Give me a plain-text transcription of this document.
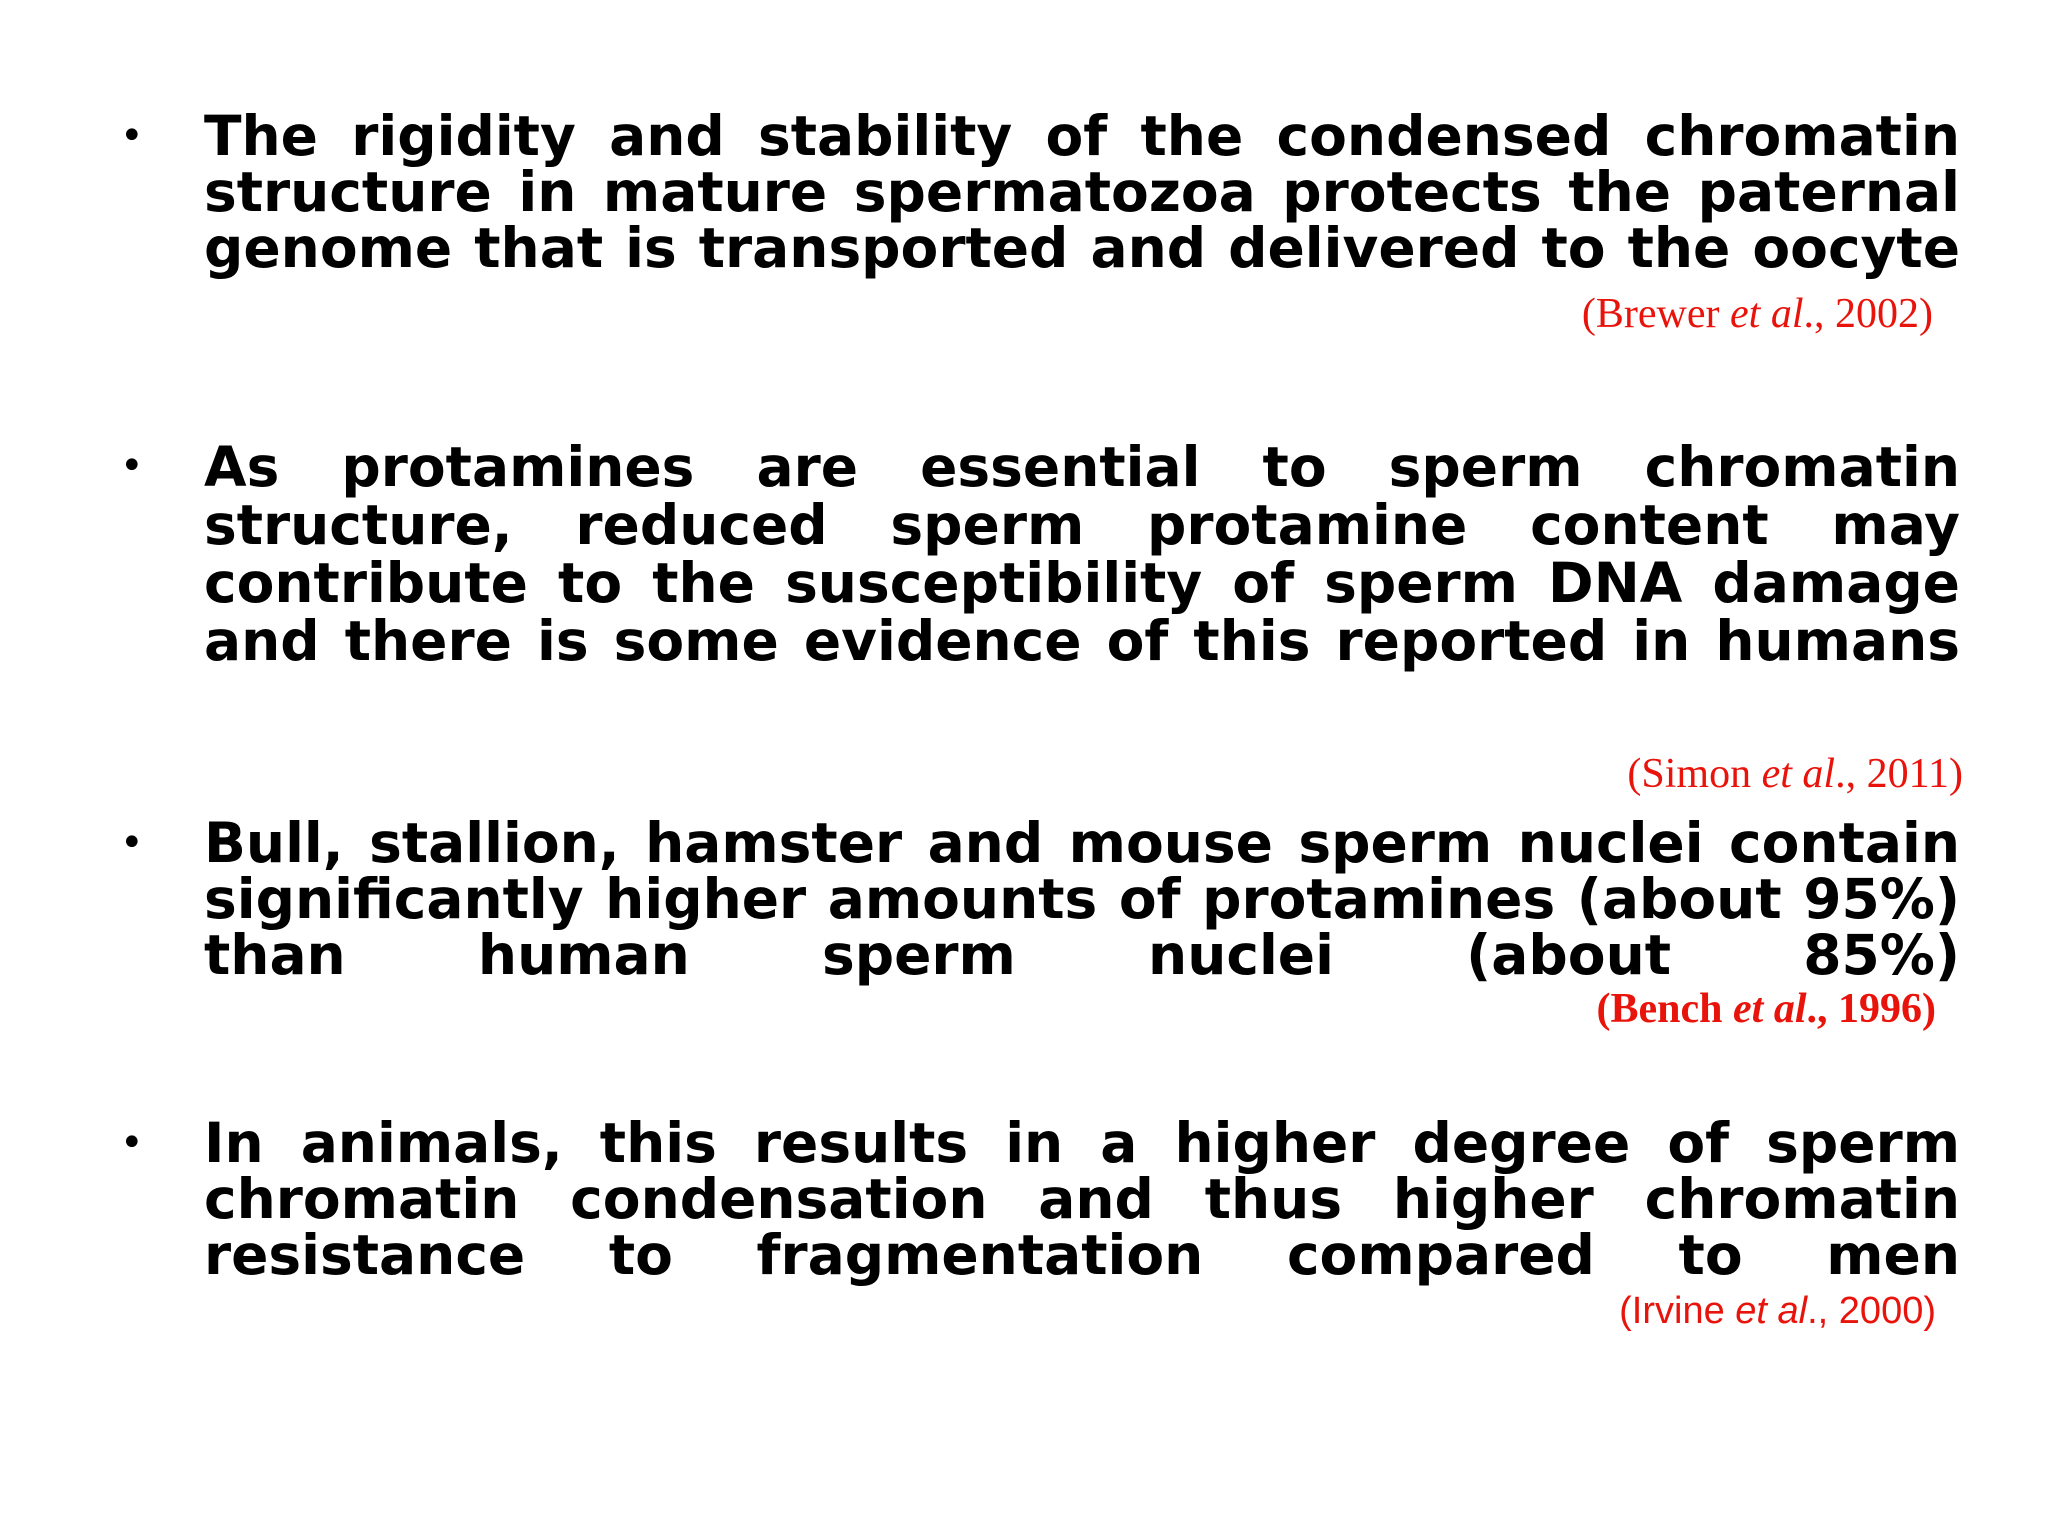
• The rigidity and stability of the condensed chromatin structure in mature spermatozoa protects the paternal genome that is transported and delivered to the oocyte
(Brewer et al., 2002)
• As protamines are essential to sperm chromatin structure, reduced sperm protamine content may contribute to the susceptibility of sperm DNA damage and there is some evidence of this reported in humans
(Simon et al., 2011)
• Bull, stallion, hamster and mouse sperm nuclei contain significantly higher amounts of protamines (about 95%) than human sperm nuclei (about 85%)
(Bench et al., 1996)
• In animals, this results in a higher degree of sperm chromatin condensation and thus higher chromatin resistance to fragmentation compared to men
(Irvine et al., 2000)
